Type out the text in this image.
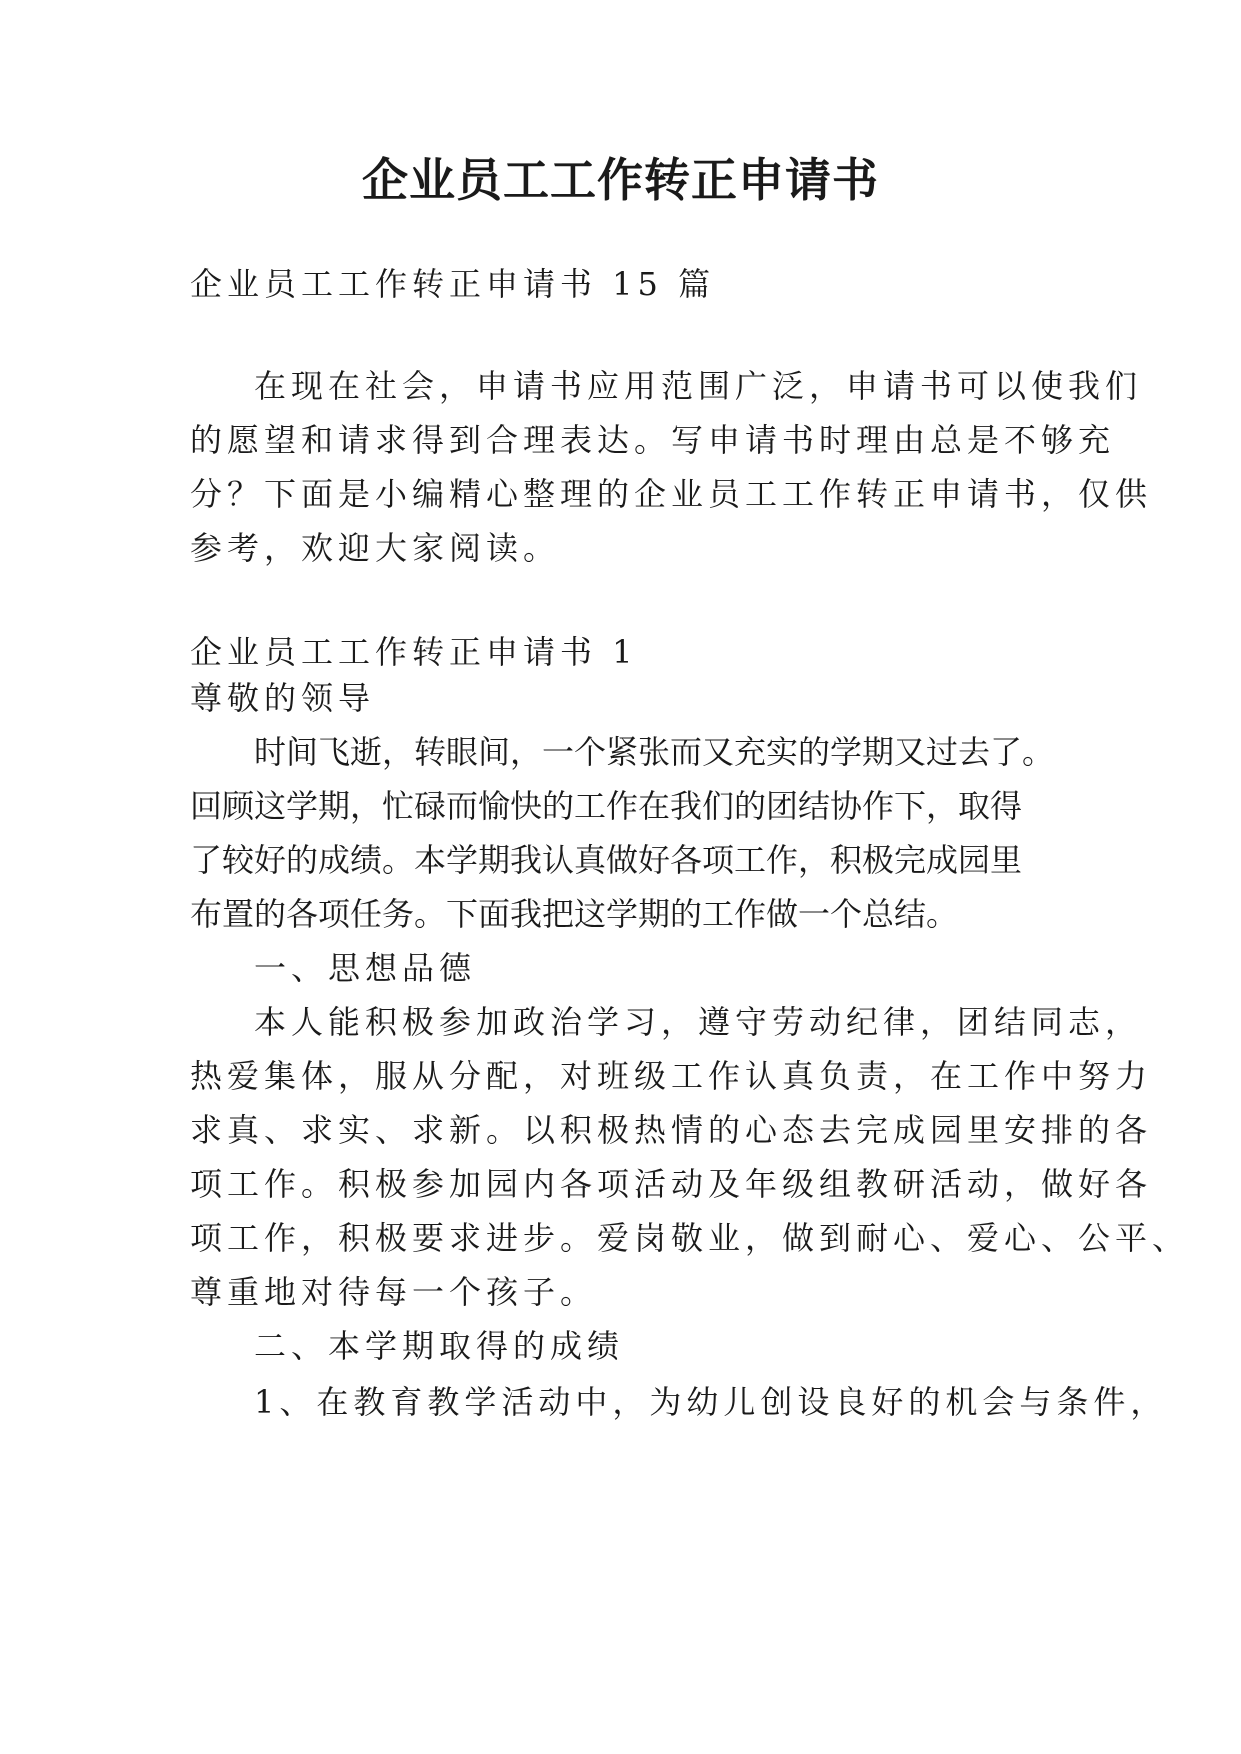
企业员工工作转正申请书
企业员工工作转正申请书 15 篇
在现在社会，申请书应用范围广泛，申请书可以使我们
的愿望和请求得到合理表达。写申请书时理由总是不够充
分？下面是小编精心整理的企业员工工作转正申请书，仅供
参考，欢迎大家阅读。
企业员工工作转正申请书 1
尊敬的领导
时间飞逝，转眼间，一个紧张而又充实的学期又过去了。
回顾这学期，忙碌而愉快的工作在我们的团结协作下，取得
了较好的成绩。本学期我认真做好各项工作，积极完成园里
布置的各项任务。下面我把这学期的工作做一个总结。
一、思想品德
本人能积极参加政治学习，遵守劳动纪律，团结同志，
热爱集体，服从分配，对班级工作认真负责，在工作中努力
求真、求实、求新。以积极热情的心态去完成园里安排的各
项工作。积极参加园内各项活动及年级组教研活动，做好各
项工作，积极要求进步。爱岗敬业，做到耐心、爱心、公平、
尊重地对待每一个孩子。
二、本学期取得的成绩
1、在教育教学活动中，为幼儿创设良好的机会与条件，
